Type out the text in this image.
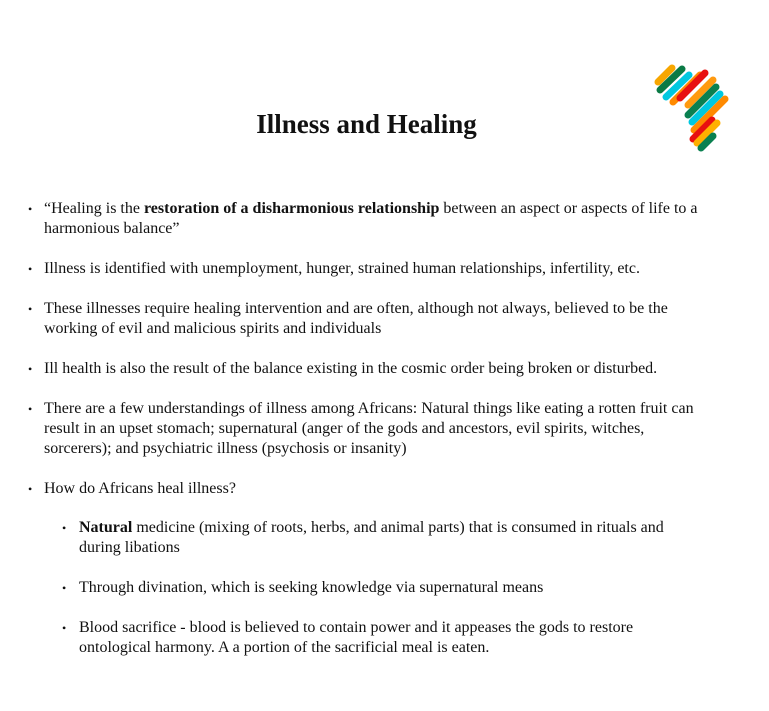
Illness and Healing
• “Healing is the restoration of a disharmonious relationship between an aspect or aspects of life to a harmonious balance”
• Illness is identified with unemployment, hunger, strained human relationships, infertility, etc.
• These illnesses require healing intervention and are often, although not always, believed to be the working of evil and malicious spirits and individuals
• Ill health is also the result of the balance existing in the cosmic order being broken or disturbed.
• There are a few understandings of illness among Africans: Natural things like eating a rotten fruit can result in an upset stomach; supernatural (anger of the gods and ancestors, evil spirits, witches, sorcerers); and psychiatric illness (psychosis or insanity)
• How do Africans heal illness?
• Natural medicine (mixing of roots, herbs, and animal parts) that is consumed in rituals and during libations
• Through divination, which is seeking knowledge via supernatural means
• Blood sacrifice - blood is believed to contain power and it appeases the gods to restore ontological harmony. A a portion of the sacrificial meal is eaten.
